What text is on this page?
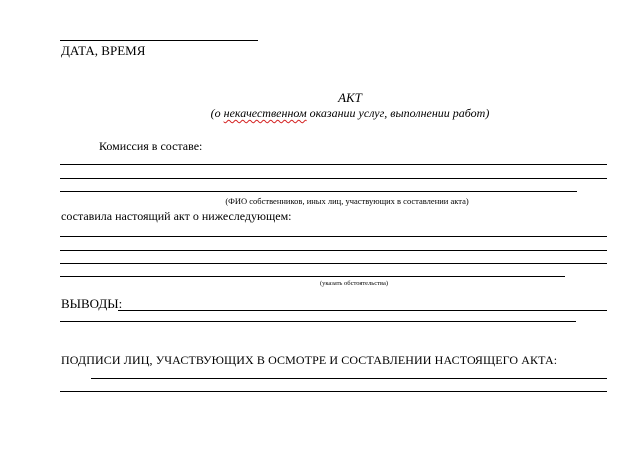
ДАТА, ВРЕМЯ
АКТ
(о некачественном оказании услуг, выполнении работ)
Комиссия в составе:
(ФИО собственников, иных лиц, участвующих в составлении акта)
составила настоящий акт о нижеследующем:
(указать обстоятельства)
ВЫВОДЫ:
ПОДПИСИ ЛИЦ, УЧАСТВУЮЩИХ В ОСМОТРЕ И СОСТАВЛЕНИИ НАСТОЯЩЕГО АКТА:
